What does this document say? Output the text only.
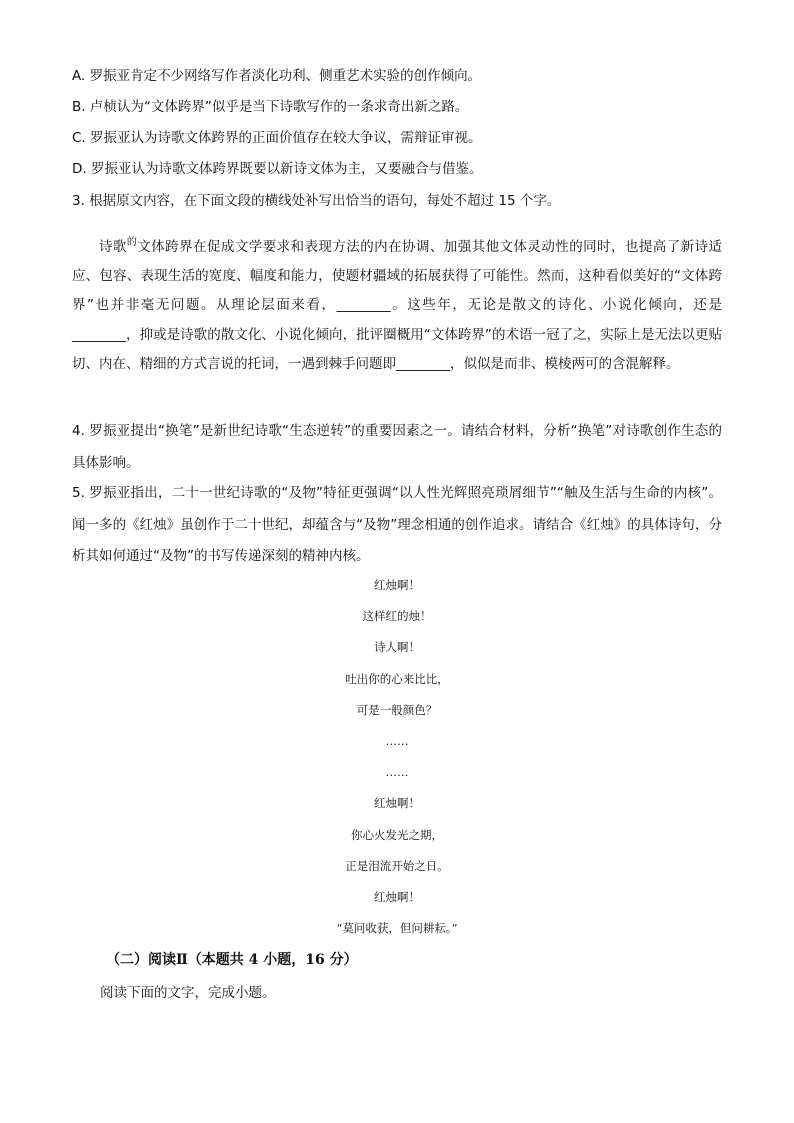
A. 罗振亚肯定不少网络写作者淡化功利、侧重艺术实验的创作倾向。
B. 卢桢认为“文体跨界”似乎是当下诗歌写作的一条求奇出新之路。
C. 罗振亚认为诗歌文体跨界的正面价值存在较大争议，需辩证审视。
D. 罗振亚认为诗歌文体跨界既要以新诗文体为主，又要融合与借鉴。
3. 根据原文内容，在下面文段的横线处补写出恰当的语句，每处不超过 15 个字。
诗歌$^的$文体跨界在促成文学要求和表现方法的内在协调、加强其他文体灵动性的同时，也提高了新诗适应、包容、表现生活的宽度、幅度和能力，使题材疆域的拓展获得了可能性。然而，这种看似美好的“文体跨界”也并非毫无问题。从理论层面来看，________。这些年，无论是散文的诗化、小说化倾向，还是________，抑或是诗歌的散文化、小说化倾向，批评圈概用“文体跨界”的术语一冠了之，实际上是无法以更贴切、内在、精细的方式言说的托词，一遇到棘手问题即________，似似是而非、模棱两可的含混解释。
4. 罗振亚提出“换笔”是新世纪诗歌“生态逆转”的重要因素之一。请结合材料，分析“换笔”对诗歌创作生态的具体影响。
5. 罗振亚指出，二十一世纪诗歌的“及物”特征更强调“以人性光辉照亮琐屑细节”“触及生活与生命的内核”。闻一多的《红烛》虽创作于二十世纪，却蕴含与“及物”理念相通的创作追求。请结合《红烛》的具体诗句，分析其如何通过“及物”的书写传递深刻的精神内核。
红烛啊！
这样红的烛！
诗人啊！
吐出你的心来比比，
可是一般颜色？
……
……
红烛啊！
你心火发光之期，
正是泪流开始之日。
红烛啊！
“莫问收获，但问耕耘。”
（二）阅读Ⅱ（本题共 4 小题，16 分）
阅读下面的文字，完成小题。
